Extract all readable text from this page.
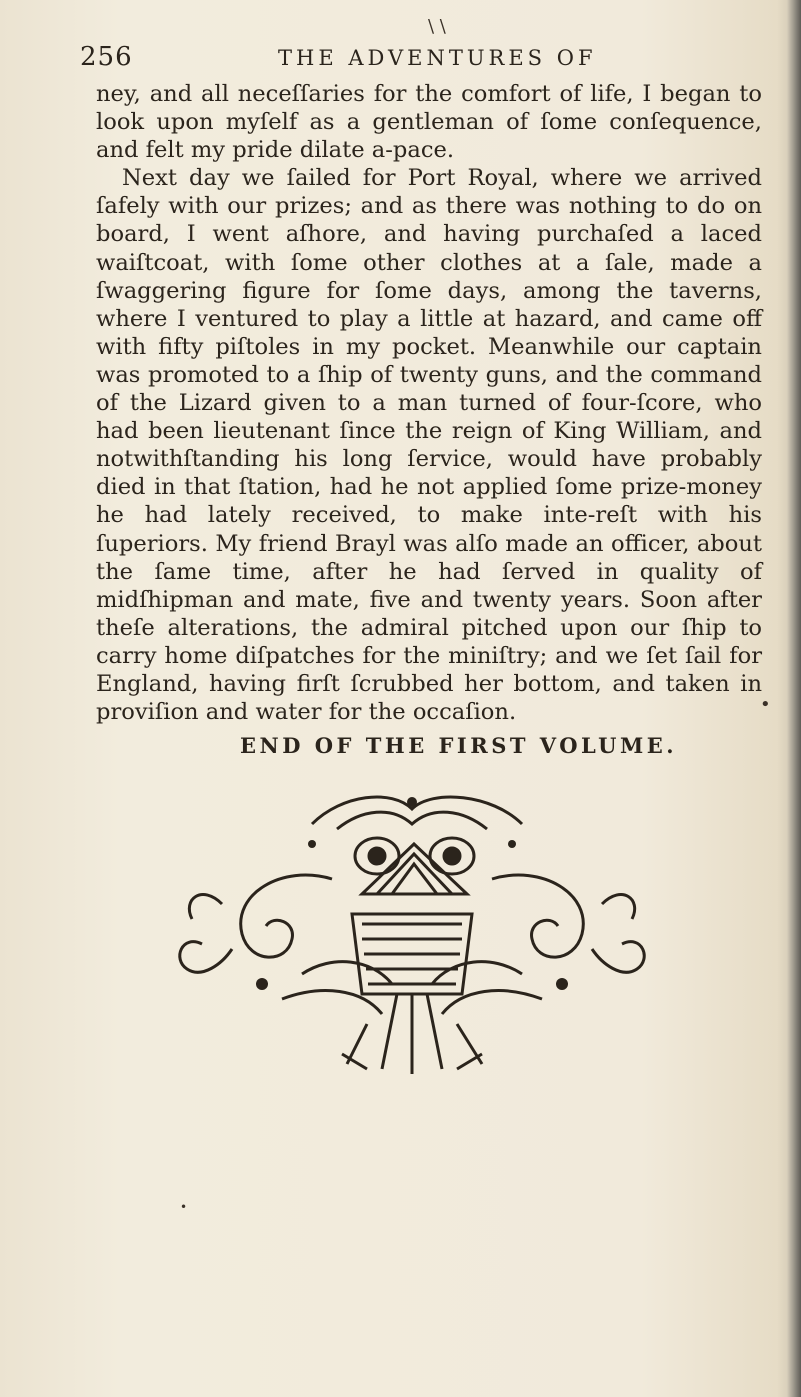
256	THE ADVENTURES OF

ney, and all neceſſaries for the comfort of life, I began to look upon myſelf as a gentleman of ſome conſequence, and felt my pride dilate a-pace.

Next day we ſailed for Port Royal, where we arrived ſafely with our prizes; and as there was nothing to do on board, I went aſhore, and having purchaſed a laced waiſtcoat, with ſome other clothes at a ſale, made a ſwaggering figure for ſome days, among the taverns, where I ventured to play a little at hazard, and came off with fifty piſtoles in my pocket. Meanwhile our captain was promoted to a ſhip of twenty guns, and the command of the Lizard given to a man turned of four-ſcore, who had been lieutenant ſince the reign of King William, and notwithſtanding his long ſervice, would have probably died in that ſtation, had he not applied ſome prize-money he had lately received, to make inte-reſt with his ſuperiors. My friend Brayl was alſo made an officer, about the ſame time, after he had ſerved in quality of midſhipman and mate, five and twenty years. Soon after theſe alterations, the admiral pitched upon our ſhip to carry home diſpatches for the miniſtry; and we ſet ſail for England, having firſt ſcrubbed her bottom, and taken in proviſion and water for the occaſion.

END OF THE FIRST VOLUME.
\ \
•
•
